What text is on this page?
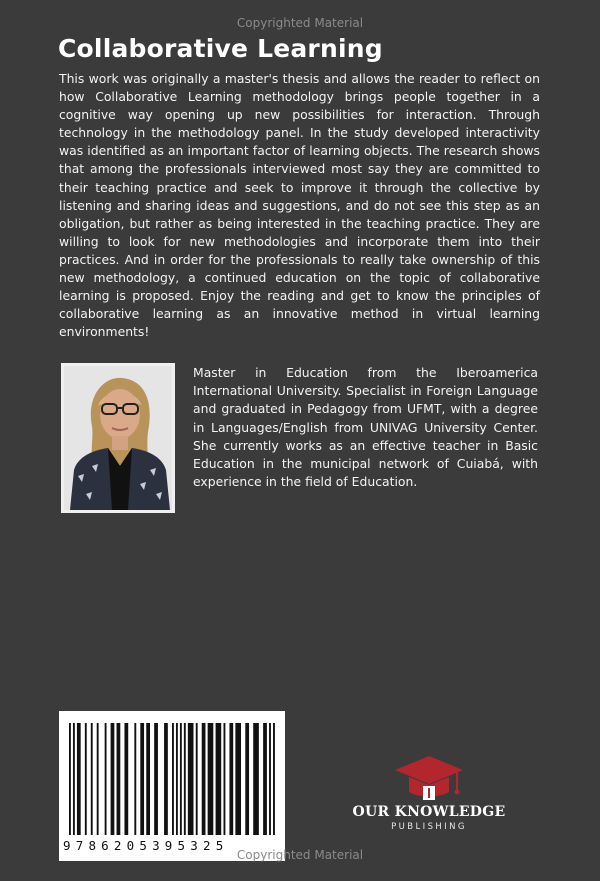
Copyrighted Material
Collaborative Learning

This work was originally a master's thesis and allows the reader to reflect on how Collaborative Learning methodology brings people together in a cognitive way opening up new possibilities for interaction. Through technology in the methodology panel. In the study developed interactivity was identified as an important factor of learning objects. The research shows that among the professionals interviewed most say they are committed to their teaching practice and seek to improve it through the collective by listening and sharing ideas and suggestions, and do not see this step as an obligation, but rather as being interested in the teaching practice. They are willing to look for new methodologies and incorporate them into their practices. And in order for the professionals to really take ownership of this new methodology, a continued education on the topic of collaborative learning is proposed. Enjoy the reading and get to know the principles of collaborative learning as an innovative method in virtual learning environments!

Master in Education from the Iberoamerica International University. Specialist in Foreign Language and graduated in Pedagogy from UFMT, with a degree in Languages/English from UNIVAG University Center. She currently works as an effective teacher in Basic Education in the municipal network of Cuiabá, with experience in the field of Education.

9786205395325
OUR KNOWLEDGE
PUBLISHING
Copyrighted Material
